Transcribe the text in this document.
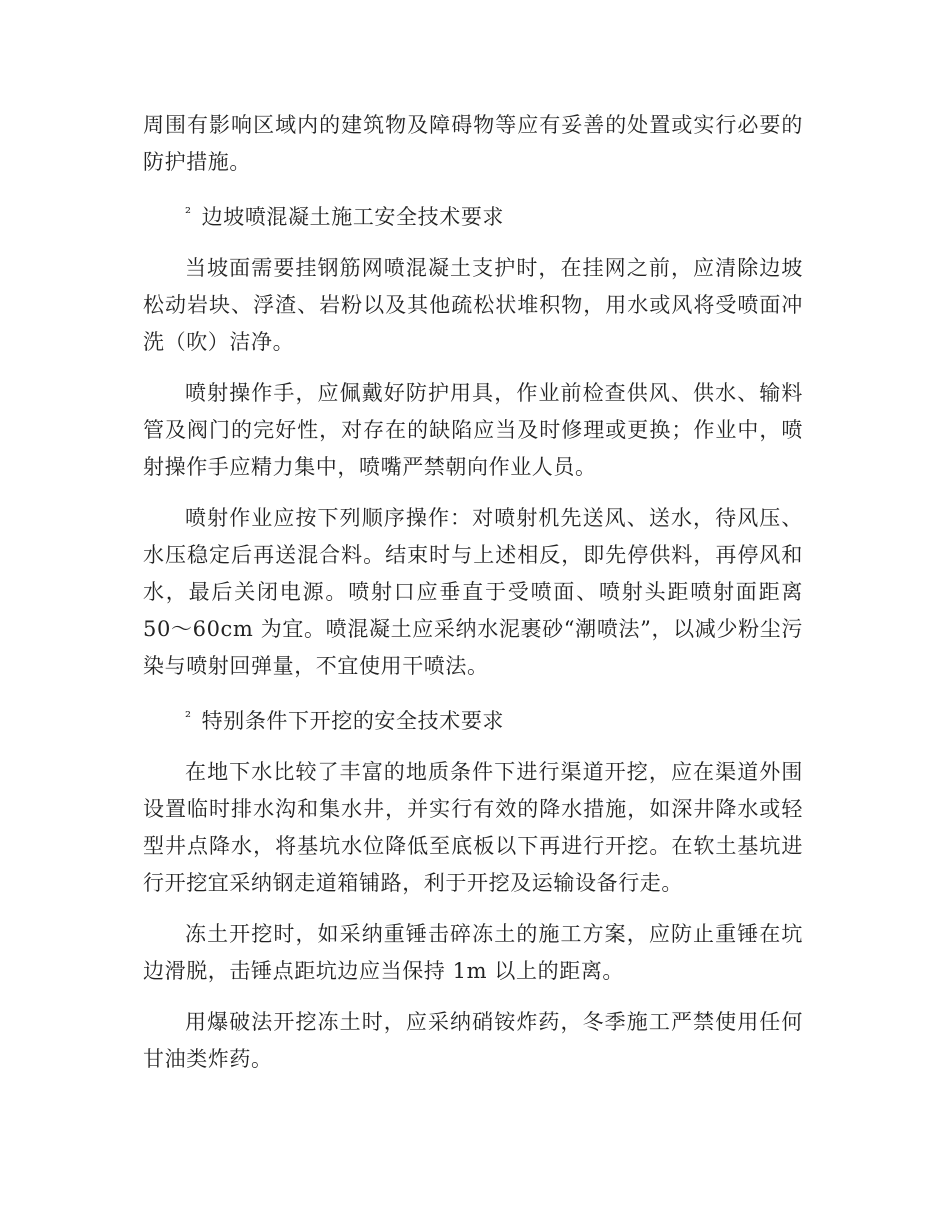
周围有影响区域内的建筑物及障碍物等应有妥善的处置或实行必要的防护措施。

$^{^2}$ 边坡喷混凝土施工安全技术要求

当坡面需要挂钢筋网喷混凝土支护时，在挂网之前，应清除边坡松动岩块、浮渣、岩粉以及其他疏松状堆积物，用水或风将受喷面冲洗（吹）洁净。

喷射操作手，应佩戴好防护用具，作业前检查供风、供水、输料管及阀门的完好性，对存在的缺陷应当及时修理或更换；作业中，喷射操作手应精力集中，喷嘴严禁朝向作业人员。

喷射作业应按下列顺序操作：对喷射机先送风、送水，待风压、水压稳定后再送混合料。结束时与上述相反，即先停供料，再停风和水，最后关闭电源。喷射口应垂直于受喷面、喷射头距喷射面距离 50～60cm 为宜。喷混凝土应采纳水泥裹砂“潮喷法”，以减少粉尘污染与喷射回弹量，不宜使用干喷法。

$^{^2}$ 特别条件下开挖的安全技术要求

在地下水比较了丰富的地质条件下进行渠道开挖，应在渠道外围设置临时排水沟和集水井，并实行有效的降水措施，如深井降水或轻型井点降水，将基坑水位降低至底板以下再进行开挖。在软土基坑进行开挖宜采纳钢走道箱铺路，利于开挖及运输设备行走。

冻土开挖时，如采纳重锤击碎冻土的施工方案，应防止重锤在坑边滑脱，击锤点距坑边应当保持 1m 以上的距离。

用爆破法开挖冻土时，应采纳硝铵炸药，冬季施工严禁使用任何甘油类炸药。
